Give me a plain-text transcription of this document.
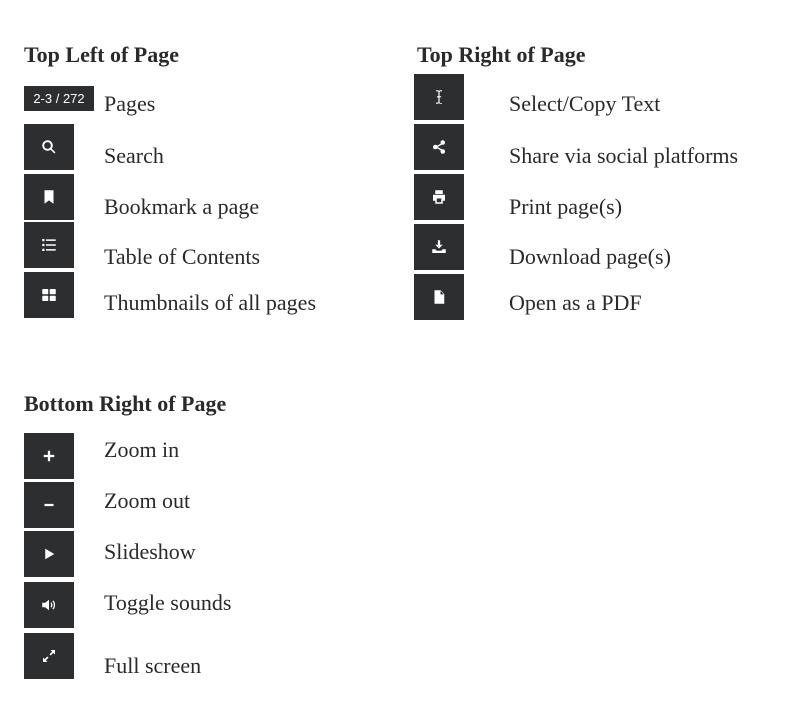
Top Left of Page
2-3 / 272 Pages
Search
Bookmark a page
Table of Contents
Thumbnails of all pages
Top Right of Page
Select/Copy Text
Share via social platforms
Print page(s)
Download page(s)
Open as a PDF
Bottom Right of Page
Zoom in
Zoom out
Slideshow
Toggle sounds
Full screen
